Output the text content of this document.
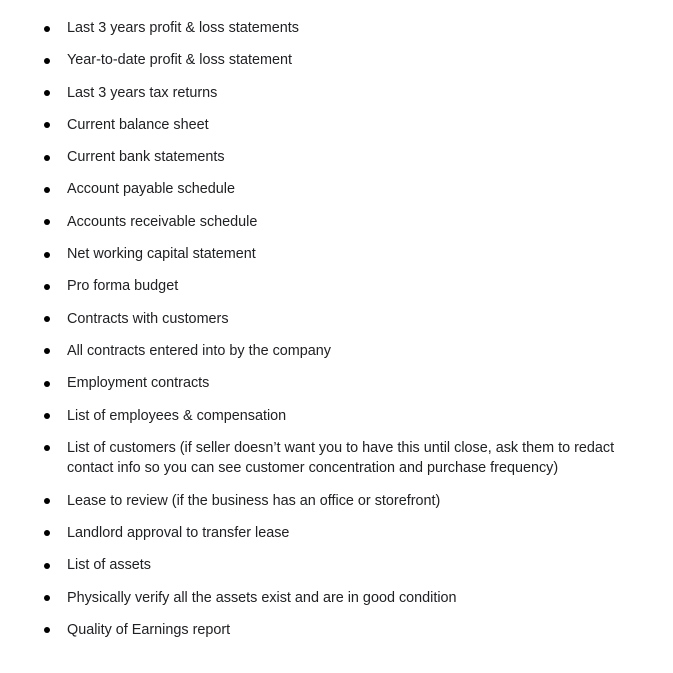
Last 3 years profit & loss statements
Year-to-date profit & loss statement
Last 3 years tax returns
Current balance sheet
Current bank statements
Account payable schedule
Accounts receivable schedule
Net working capital statement
Pro forma budget
Contracts with customers
All contracts entered into by the company
Employment contracts
List of employees & compensation
List of customers (if seller doesn’t want you to have this until close, ask them to redact contact info so you can see customer concentration and purchase frequency)
Lease to review (if the business has an office or storefront)
Landlord approval to transfer lease
List of assets
Physically verify all the assets exist and are in good condition
Quality of Earnings report
